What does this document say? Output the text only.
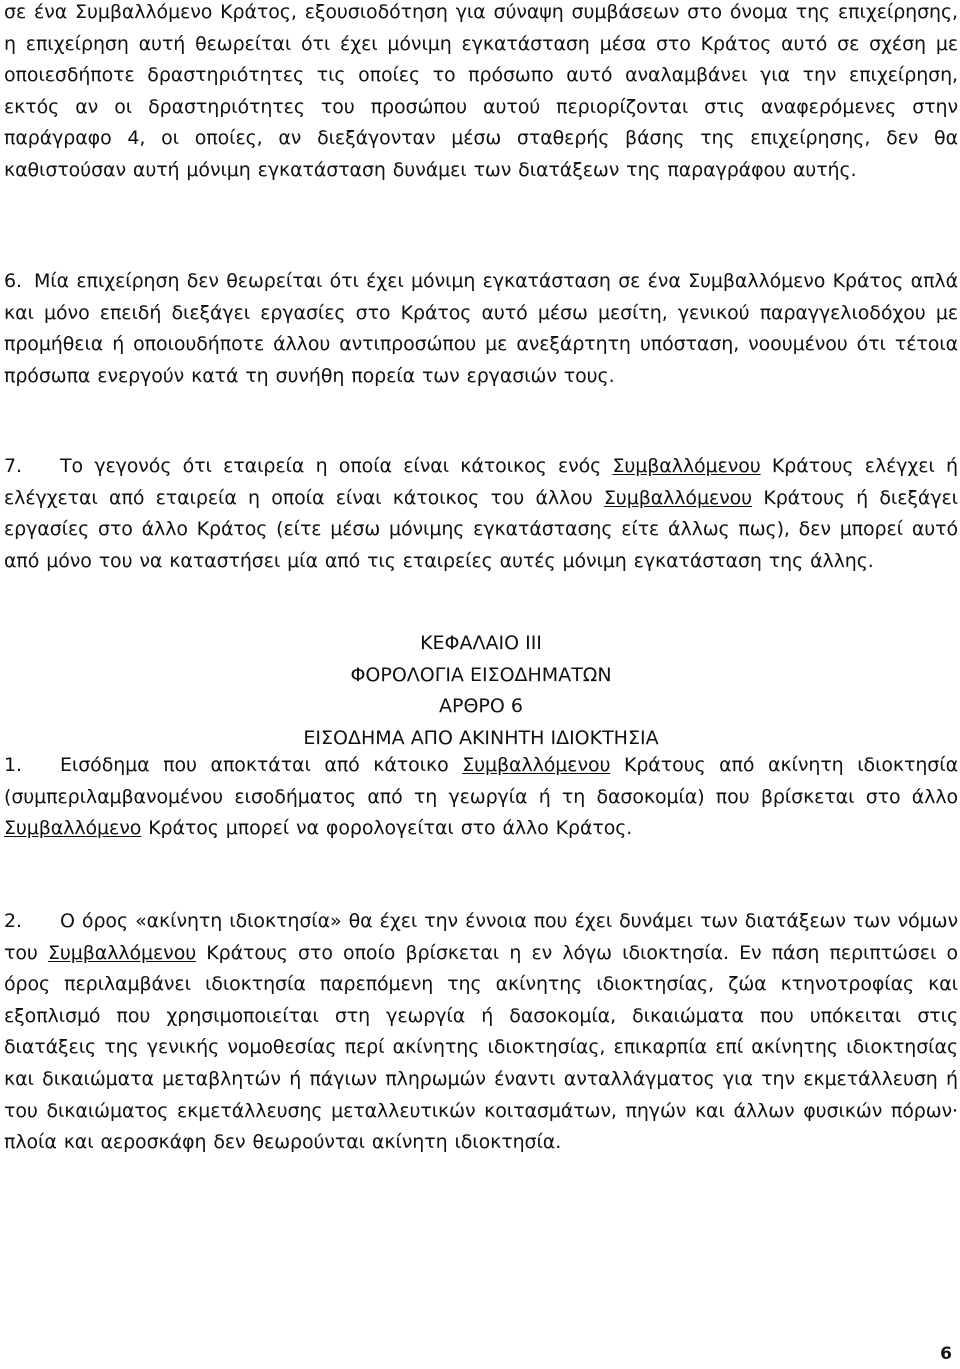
σε ένα Συμβαλλόμενο Κράτος, εξουσιοδότηση για σύναψη συμβάσεων στο όνομα της επιχείρησης, η επιχείρηση αυτή θεωρείται ότι έχει μόνιμη εγκατάσταση μέσα στο Κράτος αυτό σε σχέση με οποιεσδήποτε δραστηριότητες τις οποίες το πρόσωπο αυτό αναλαμβάνει για την επιχείρηση, εκτός αν οι δραστηριότητες του προσώπου αυτού περιορίζονται στις αναφερόμενες στην παράγραφο 4, οι οποίες, αν διεξάγονταν μέσω σταθερής βάσης της επιχείρησης, δεν θα καθιστούσαν αυτή μόνιμη εγκατάσταση δυνάμει των διατάξεων της παραγράφου αυτής.

6. Μία επιχείρηση δεν θεωρείται ότι έχει μόνιμη εγκατάσταση σε ένα Συμβαλλόμενο Κράτος απλά και μόνο επειδή διεξάγει εργασίες στο Κράτος αυτό μέσω μεσίτη, γενικού παραγγελιοδόχου με προμήθεια ή οποιουδήποτε άλλου αντιπροσώπου με ανεξάρτητη υπόσταση, νοουμένου ότι τέτοια πρόσωπα ενεργούν κατά τη συνήθη πορεία των εργασιών τους.

7. Το γεγονός ότι εταιρεία η οποία είναι κάτοικος ενός Συμβαλλόμενου Κράτους ελέγχει ή ελέγχεται από εταιρεία η οποία είναι κάτοικος του άλλου Συμβαλλόμενου Κράτους ή διεξάγει εργασίες στο άλλο Κράτος (είτε μέσω μόνιμης εγκατάστασης είτε άλλως πως), δεν μπορεί αυτό από μόνο του να καταστήσει μία από τις εταιρείες αυτές μόνιμη εγκατάσταση της άλλης.

ΚΕΦΑΛΑΙΟ III
ΦΟΡΟΛΟΓΙΑ ΕΙΣΟΔΗΜΑΤΩΝ
ΑΡΘΡΟ 6
ΕΙΣΟΔΗΜΑ ΑΠΟ ΑΚΙΝΗΤΗ ΙΔΙΟΚΤΗΣΙΑ

1. Εισόδημα που αποκτάται από κάτοικο Συμβαλλόμενου Κράτους από ακίνητη ιδιοκτησία (συμπεριλαμβανομένου εισοδήματος από τη γεωργία ή τη δασοκομία) που βρίσκεται στο άλλο Συμβαλλόμενο Κράτος μπορεί να φορολογείται στο άλλο Κράτος.

2. Ο όρος «ακίνητη ιδιοκτησία» θα έχει την έννοια που έχει δυνάμει των διατάξεων των νόμων του Συμβαλλόμενου Κράτους στο οποίο βρίσκεται η εν λόγω ιδιοκτησία. Εν πάση περιπτώσει ο όρος περιλαμβάνει ιδιοκτησία παρεπόμενη της ακίνητης ιδιοκτησίας, ζώα κτηνοτροφίας και εξοπλισμό που χρησιμοποιείται στη γεωργία ή δασοκομία, δικαιώματα που υπόκειται στις διατάξεις της γενικής νομοθεσίας περί ακίνητης ιδιοκτησίας, επικαρπία επί ακίνητης ιδιοκτησίας και δικαιώματα μεταβλητών ή πάγιων πληρωμών έναντι ανταλλάγματος για την εκμετάλλευση ή του δικαιώματος εκμετάλλευσης μεταλλευτικών κοιτασμάτων, πηγών και άλλων φυσικών πόρων· πλοία και αεροσκάφη δεν θεωρούνται ακίνητη ιδιοκτησία.

6
